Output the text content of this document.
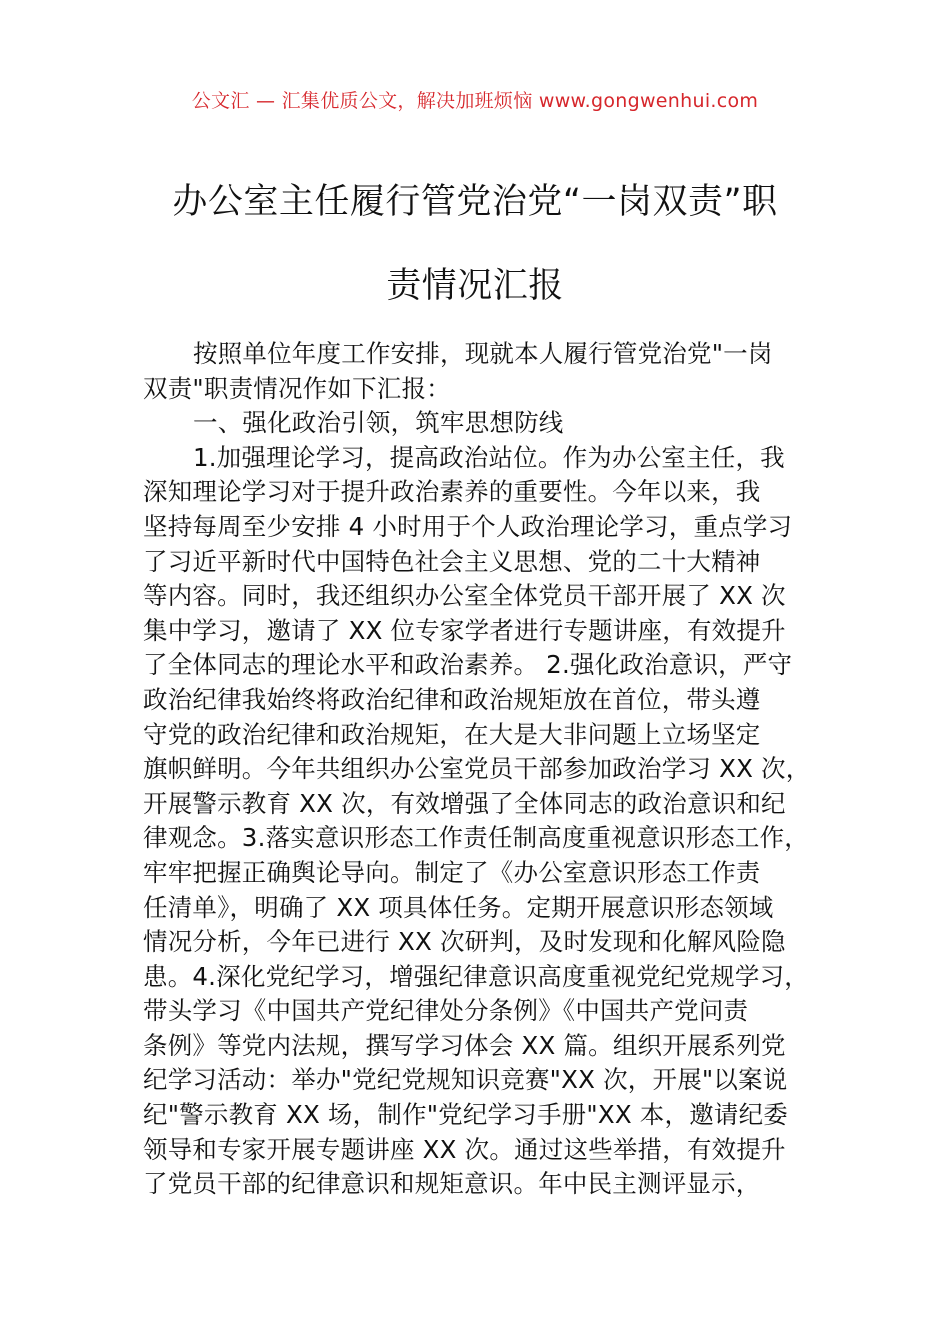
公文汇 — 汇集优质公文，解决加班烦恼 www.gongwenhui.com
办公室主任履行管党治党“一岗双责”职
责情况汇报
按照单位年度工作安排，现就本人履行管党治党"一岗
双责"职责情况作如下汇报：
一、强化政治引领，筑牢思想防线
1.加强理论学习，提高政治站位。作为办公室主任，我
深知理论学习对于提升政治素养的重要性。今年以来，我
坚持每周至少安排 4 小时用于个人政治理论学习，重点学习
了习近平新时代中国特色社会主义思想、党的二十大精神
等内容。同时，我还组织办公室全体党员干部开展了 XX 次
集中学习，邀请了 XX 位专家学者进行专题讲座，有效提升
了全体同志的理论水平和政治素养。 2.强化政治意识，严守
政治纪律我始终将政治纪律和政治规矩放在首位，带头遵
守党的政治纪律和政治规矩，在大是大非问题上立场坚定
旗帜鲜明。今年共组织办公室党员干部参加政治学习 XX 次，
开展警示教育 XX 次，有效增强了全体同志的政治意识和纪
律观念。3.落实意识形态工作责任制高度重视意识形态工作，
牢牢把握正确舆论导向。制定了《办公室意识形态工作责
任清单》，明确了 XX 项具体任务。定期开展意识形态领域
情况分析，今年已进行 XX 次研判，及时发现和化解风险隐
患。4.深化党纪学习，增强纪律意识高度重视党纪党规学习，
带头学习《中国共产党纪律处分条例》《中国共产党问责
条例》等党内法规，撰写学习体会 XX 篇。组织开展系列党
纪学习活动：举办"党纪党规知识竞赛"XX 次，开展"以案说
纪"警示教育 XX 场，制作"党纪学习手册"XX 本，邀请纪委
领导和专家开展专题讲座 XX 次。通过这些举措，有效提升
了党员干部的纪律意识和规矩意识。年中民主测评显示，
